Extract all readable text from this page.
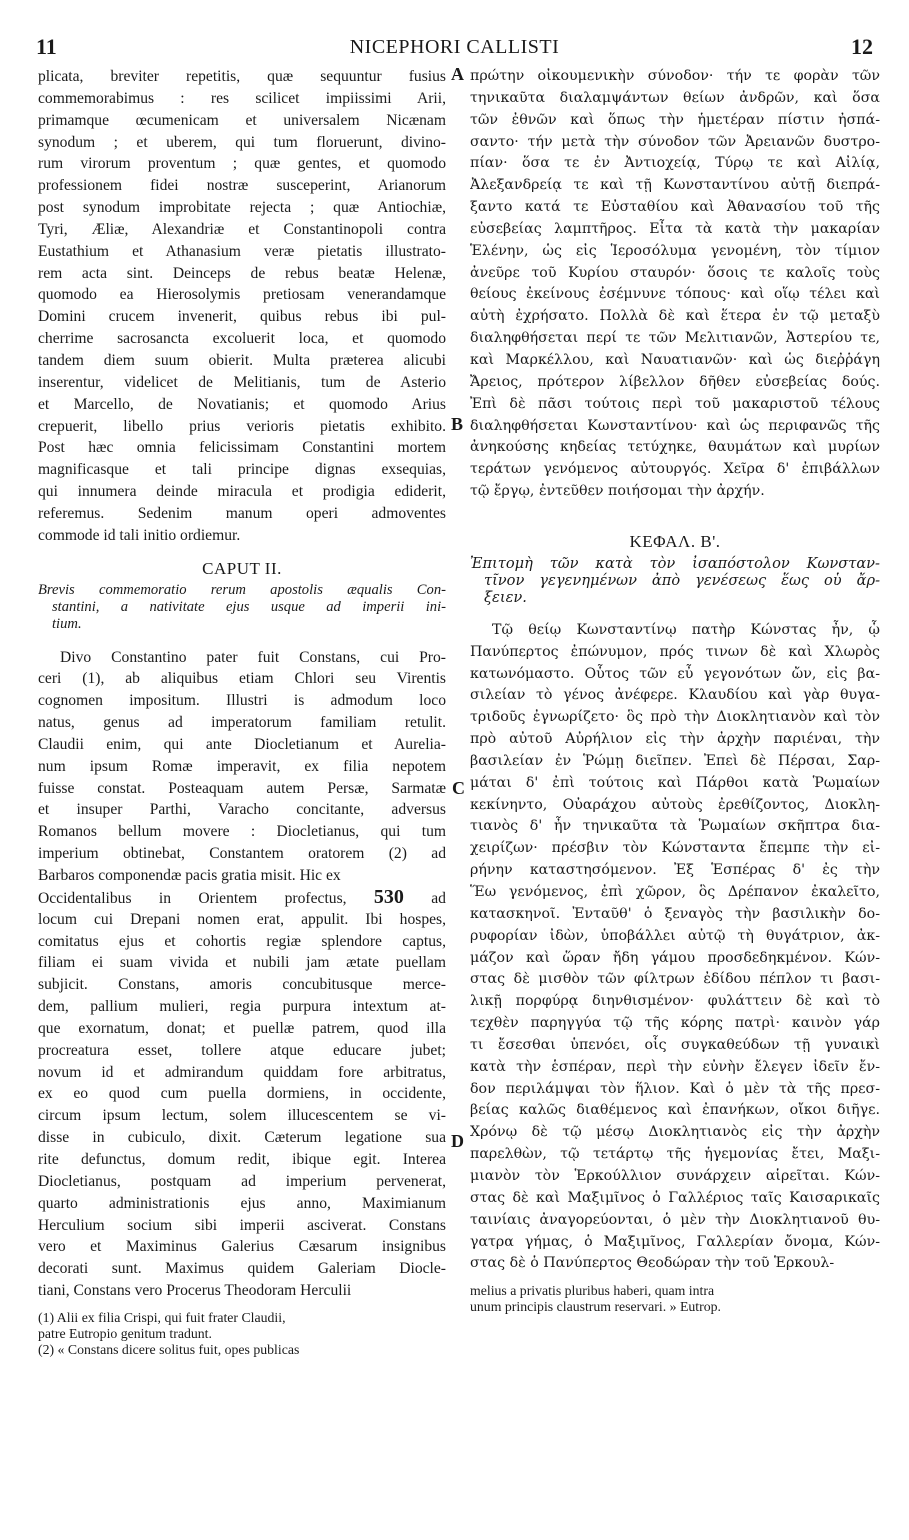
11	NICEPHORI CALLISTI	12
A
B
C
D
plicata, breviter repetitis, quæ sequuntur fusius
commemorabimus : res scilicet impiissimi Arii,
primamque œcumenicam et universalem Nicænam
synodum ; et uberem, qui tum floruerunt, divino-
rum virorum proventum ; quæ gentes, et quomodo
professionem fidei nostræ susceperint, Arianorum
post synodum improbitate rejecta ; quæ Antiochiæ,
Tyri, Æliæ, Alexandriæ et Constantinopoli contra
Eustathium et Athanasium veræ pietatis illustrato-
rem acta sint. Deinceps de rebus beatæ Helenæ,
quomodo ea Hierosolymis pretiosam venerandamque
Domini crucem invenerit, quibus rebus ibi pul-
cherrime sacrosancta excoluerit loca, et quomodo
tandem diem suum obierit. Multa præterea alicubi
inserentur, videlicet de Melitianis, tum de Asterio
et Marcello, de Novatianis; et quomodo Arius
crepuerit, libello prius verioris pietatis exhibito.
Post hæc omnia felicissimam Constantini mortem
magnificasque et tali principe dignas exsequias,
qui innumera deinde miracula et prodigia ediderit,
referemus. Sedenim manum operi admoventes
commode id tali initio ordiemur.
CAPUT II.
Brevis commemoratio rerum apostolis æqualis Con-
stantini, a nativitate ejus usque ad imperii ini-
tium.
Divo Constantino pater fuit Constans, cui Pro-
ceri (1), ab aliquibus etiam Chlori seu Virentis
cognomen impositum. Illustri is admodum loco
natus, genus ad imperatorum familiam retulit.
Claudii enim, qui ante Diocletianum et Aurelia-
num ipsum Romæ imperavit, ex filia nepotem
fuisse constat. Posteaquam autem Persæ, Sarmatæ
et insuper Parthi, Varacho concitante, adversus
Romanos bellum movere : Diocletianus, qui tum
imperium obtinebat, Constantem oratorem (2) ad
Barbaros componendæ pacis gratia misit. Hic ex
Occidentalibus in Orientem profectus, 530 ad
locum cui Drepani nomen erat, appulit. Ibi hospes,
comitatus ejus et cohortis regiæ splendore captus,
filiam ei suam vivida et nubili jam ætate puellam
subjicit. Constans, amoris concubitusque merce-
dem, pallium mulieri, regia purpura intextum at-
que exornatum, donat; et puellæ patrem, quod illa
procreatura esset, tollere atque educare jubet;
novum id et admirandum quiddam fore arbitratus,
ex eo quod cum puella dormiens, in occidente,
circum ipsum lectum, solem illucescentem se vi-
disse in cubiculo, dixit. Cæterum legatione sua
rite defunctus, domum redit, ibique egit. Interea
Diocletianus, postquam ad imperium pervenerat,
quarto administrationis ejus anno, Maximianum
Herculium socium sibi imperii asciverat. Constans
vero et Maximinus Galerius Cæsarum insignibus
decorati sunt. Maximus quidem Galeriam Diocle-
tiani, Constans vero Procerus Theodoram Herculii
(1) Alii ex filia Crispi, qui fuit frater Claudii,
patre Eutropio genitum tradunt.
(2) « Constans dicere solitus fuit, opes publicas
πρώτην οἰκουμενικὴν σύνοδον· τήν τε φορὰν τῶν
τηνικαῦτα διαλαμψάντων θείων ἀνδρῶν, καὶ ὅσα
τῶν ἐθνῶν καὶ ὅπως τὴν ἡμετέραν πίστιν ἠσπά-
σαντο· τήν μετὰ τὴν σύνοδον τῶν Ἀρειανῶν δυστρο-
πίαν· ὅσα τε ἐν Ἀντιοχείᾳ, Τύρῳ τε καὶ Αἰλίᾳ,
Ἀλεξανδρείᾳ τε καὶ τῇ Κωνσταντίνου αὐτῇ διεπρά-
ξαντο κατά τε Εὐσταθίου καὶ Ἀθανασίου τοῦ τῆς
εὐσεβείας λαμπτῆρος. Εἶτα τὰ κατὰ τὴν μακαρίαν
Ἑλένην, ὡς εἰς Ἱεροσόλυμα γενομένη, τὸν τίμιον
ἀνεῦρε τοῦ Κυρίου σταυρόν· ὅσοις τε καλοῖς τοὺς
θείους ἐκείνους ἐσέμνυνε τόπους· καὶ οἵῳ τέλει καὶ
αὐτὴ ἐχρήσατο. Πολλὰ δὲ καὶ ἕτερα ἐν τῷ μεταξὺ
διαληφθήσεται περί τε τῶν Μελιτιανῶν, Ἀστερίου τε,
καὶ Μαρκέλλου, καὶ Ναυατιανῶν· καὶ ὡς διεῤῥάγη
Ἄρειος, πρότερον λίβελλον δῆθεν εὐσεβείας δούς.
Ἐπὶ δὲ πᾶσι τούτοις περὶ τοῦ μακαριστοῦ τέλους
διαληφθήσεται Κωνσταντίνου· καὶ ὡς περιφανῶς τῆς
ἀνηκούσης κηδείας τετύχηκε, θαυμάτων καὶ μυρίων
τεράτων γενόμενος αὐτουργός. Χεῖρα δ' ἐπιβάλλων
τῷ ἔργῳ, ἐντεῦθεν ποιήσομαι τὴν ἀρχήν.
ΚΕΦΑΛ. Β'.
Ἐπιτομὴ τῶν κατὰ τὸν ἰσαπόστολον Κωνσταν-
τῖνον γεγενημένων ἀπὸ γενέσεως ἕως οὗ ἄρ-
ξειεν.
Τῷ θείῳ Κωνσταντίνῳ πατὴρ Κώνστας ἦν, ᾧ
Πανύπερτος ἐπώνυμον, πρός τινων δὲ καὶ Χλωρὸς
κατωνόμαστο. Οὗτος τῶν εὖ γεγονότων ὤν, εἰς βα-
σιλείαν τὸ γένος ἀνέφερε. Κλαυδίου καὶ γὰρ θυγα-
τριδοῦς ἐγνωρίζετο· ὃς πρὸ τὴν Διοκλητιανὸν καὶ τὸν
πρὸ αὐτοῦ Αὐρήλιον εἰς τὴν ἀρχὴν παριέναι, τὴν
βασιλείαν ἐν Ῥώμῃ διεῖπεν. Ἐπεὶ δὲ Πέρσαι, Σαρ-
μάται δ' ἐπὶ τούτοις καὶ Πάρθοι κατὰ Ῥωμαίων
κεκίνηντο, Οὐαράχου αὐτοὺς ἐρεθίζοντος, Διοκλη-
τιανὸς δ' ἦν τηνικαῦτα τὰ Ῥωμαίων σκῆπτρα δια-
χειρίζων· πρέσβιν τὸν Κώνσταντα ἔπεμπε τὴν εἰ-
ρήνην καταστησόμενον. Ἐξ Ἑσπέρας δ' ἐς τὴν
Ἕω γενόμενος, ἐπὶ χῶρον, ὃς Δρέπανον ἐκαλεῖτο,
κατασκηνοῖ. Ἐνταῦθ' ὁ ξεναγὸς τὴν βασιλικὴν δο-
ρυφορίαν ἰδὼν, ὑποβάλλει αὐτῷ τὴ θυγάτριον, ἀκ-
μάζον καὶ ὥραν ἤδη γάμου προσδεδηκμένον. Κών-
στας δὲ μισθὸν τῶν φίλτρων ἐδίδου πέπλον τι βασι-
λικῇ πορφύρᾳ διηνθισμένον· φυλάττειν δὲ καὶ τὸ
τεχθὲν παρηγγύα τῷ τῆς κόρης πατρὶ· καινὸν γάρ
τι ἔσεσθαι ὑπενόει, οἷς συγκαθεύδων τῇ γυναικὶ
κατὰ τὴν ἑσπέραν, περὶ τὴν εὐνὴν ἔλεγεν ἰδεῖν ἔν-
δον περιλάμψαι τὸν ἥλιον. Καὶ ὁ μὲν τὰ τῆς πρεσ-
βείας καλῶς διαθέμενος καὶ ἐπανήκων, οἴκοι διῆγε.
Χρόνῳ δὲ τῷ μέσῳ Διοκλητιανὸς εἰς τὴν ἀρχὴν
παρελθὼν, τῷ τετάρτῳ τῆς ἡγεμονίας ἔτει, Μαξι-
μιανὸν τὸν Ἑρκούλλιον συνάρχειν αἱρεῖται. Κών-
στας δὲ καὶ Μαξιμῖνος ὁ Γαλλέριος ταῖς Καισαρικαῖς
ταινίαις ἀναγορεύονται, ὁ μὲν τὴν Διοκλητιανοῦ θυ-
γατρα γήμας, ὁ Μαξιμῖνος, Γαλλερίαν ὄνομα, Κών-
στας δὲ ὁ Πανύπερτος Θεοδώραν τὴν τοῦ Ἑρκουλ-
melius a privatis pluribus haberi, quam intra
unum principis claustrum reservari. » Eutrop.
